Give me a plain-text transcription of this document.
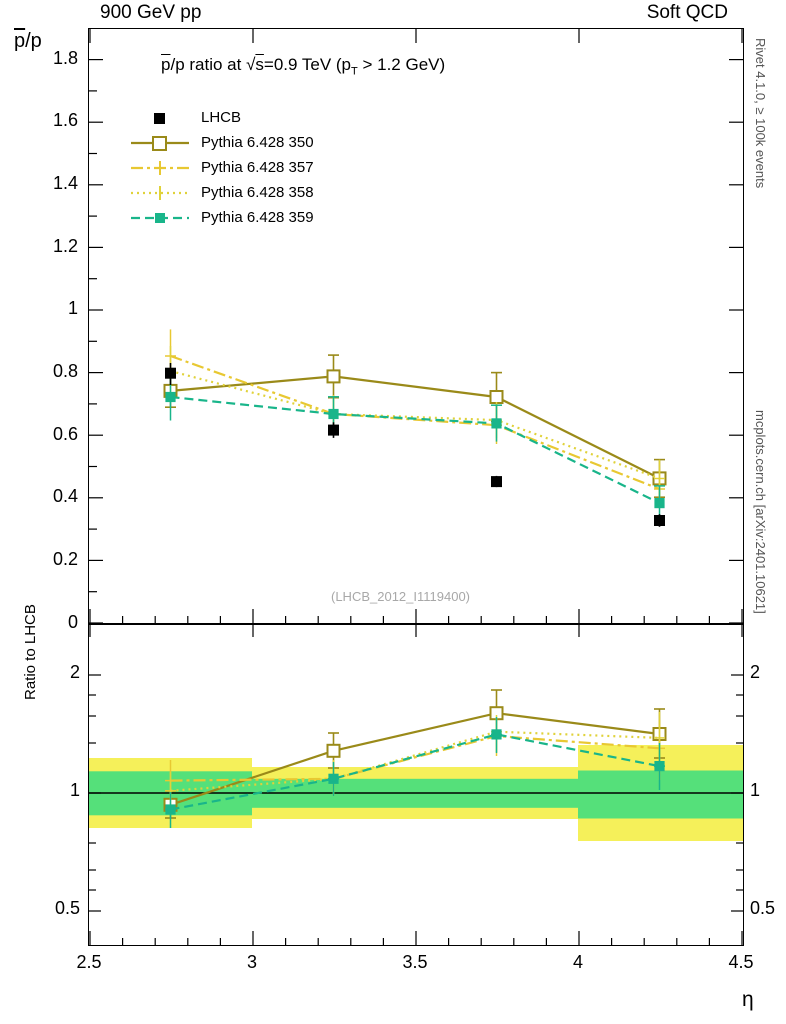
900 GeV pp	Soft QCD
Rivet 4.1.0, ≥ 100k events
mcplots.cern.ch [arXiv:2401.10621]
$\overline{p}/p$
$\overline{p}/p$ ratio at √s=0.9 TeV ($p_T > 1.2$ GeV)
(LHCB_2012_I1119400)
LHCB
Pythia 6.428 350
Pythia 6.428 357
Pythia 6.428 358
Pythia 6.428 359
0
0.2
0.4
0.6
0.8
1
1.2
1.4
1.6
1.8
0.5
1
2
0.5
1
2
Ratio to LHCB
2.5	3	3.5	4	4.5
η
